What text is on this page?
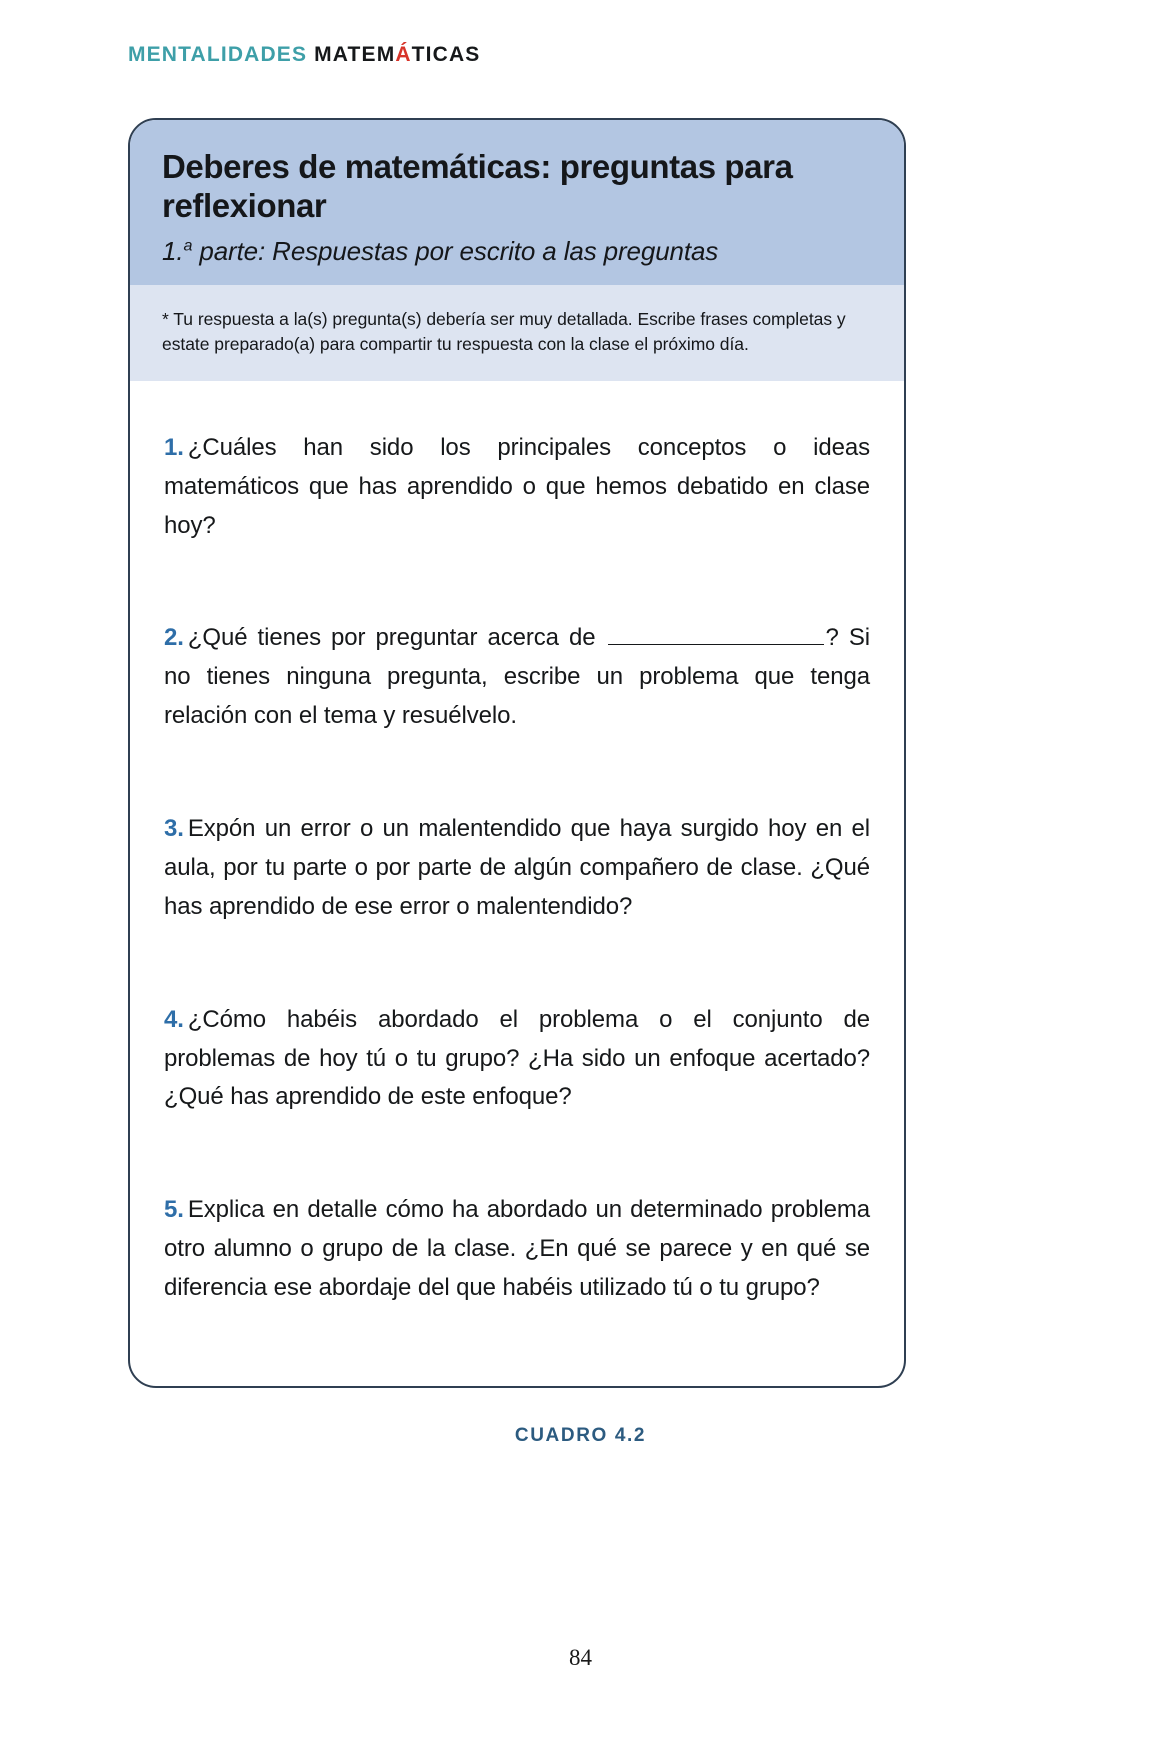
MENTALIDADES MATEMÁTICAS
Deberes de matemáticas: preguntas para reflexionar

1.$^a$ parte: Respuestas por escrito a las preguntas

* Tu respuesta a la(s) pregunta(s) debería ser muy detallada. Escribe frases completas y estate preparado(a) para compartir tu respuesta con la clase el próximo día.

1. ¿Cuáles han sido los principales conceptos o ideas matemáticos que has aprendido o que hemos debatido en clase hoy?

2. ¿Qué tienes por preguntar acerca de	? Si no tienes ninguna pregunta, escribe un problema que tenga relación con el tema y resuélvelo.

3. Expón un error o un malentendido que haya surgido hoy en el aula, por tu parte o por parte de algún compañero de clase. ¿Qué has aprendido de ese error o malentendido?

4. ¿Cómo habéis abordado el problema o el conjunto de problemas de hoy tú o tu grupo? ¿Ha sido un enfoque acertado? ¿Qué has aprendido de este enfoque?

5. Explica en detalle cómo ha abordado un determinado problema otro alumno o grupo de la clase. ¿En qué se parece y en qué se diferencia ese abordaje del que habéis utilizado tú o tu grupo?

CUADRO 4.2
84
